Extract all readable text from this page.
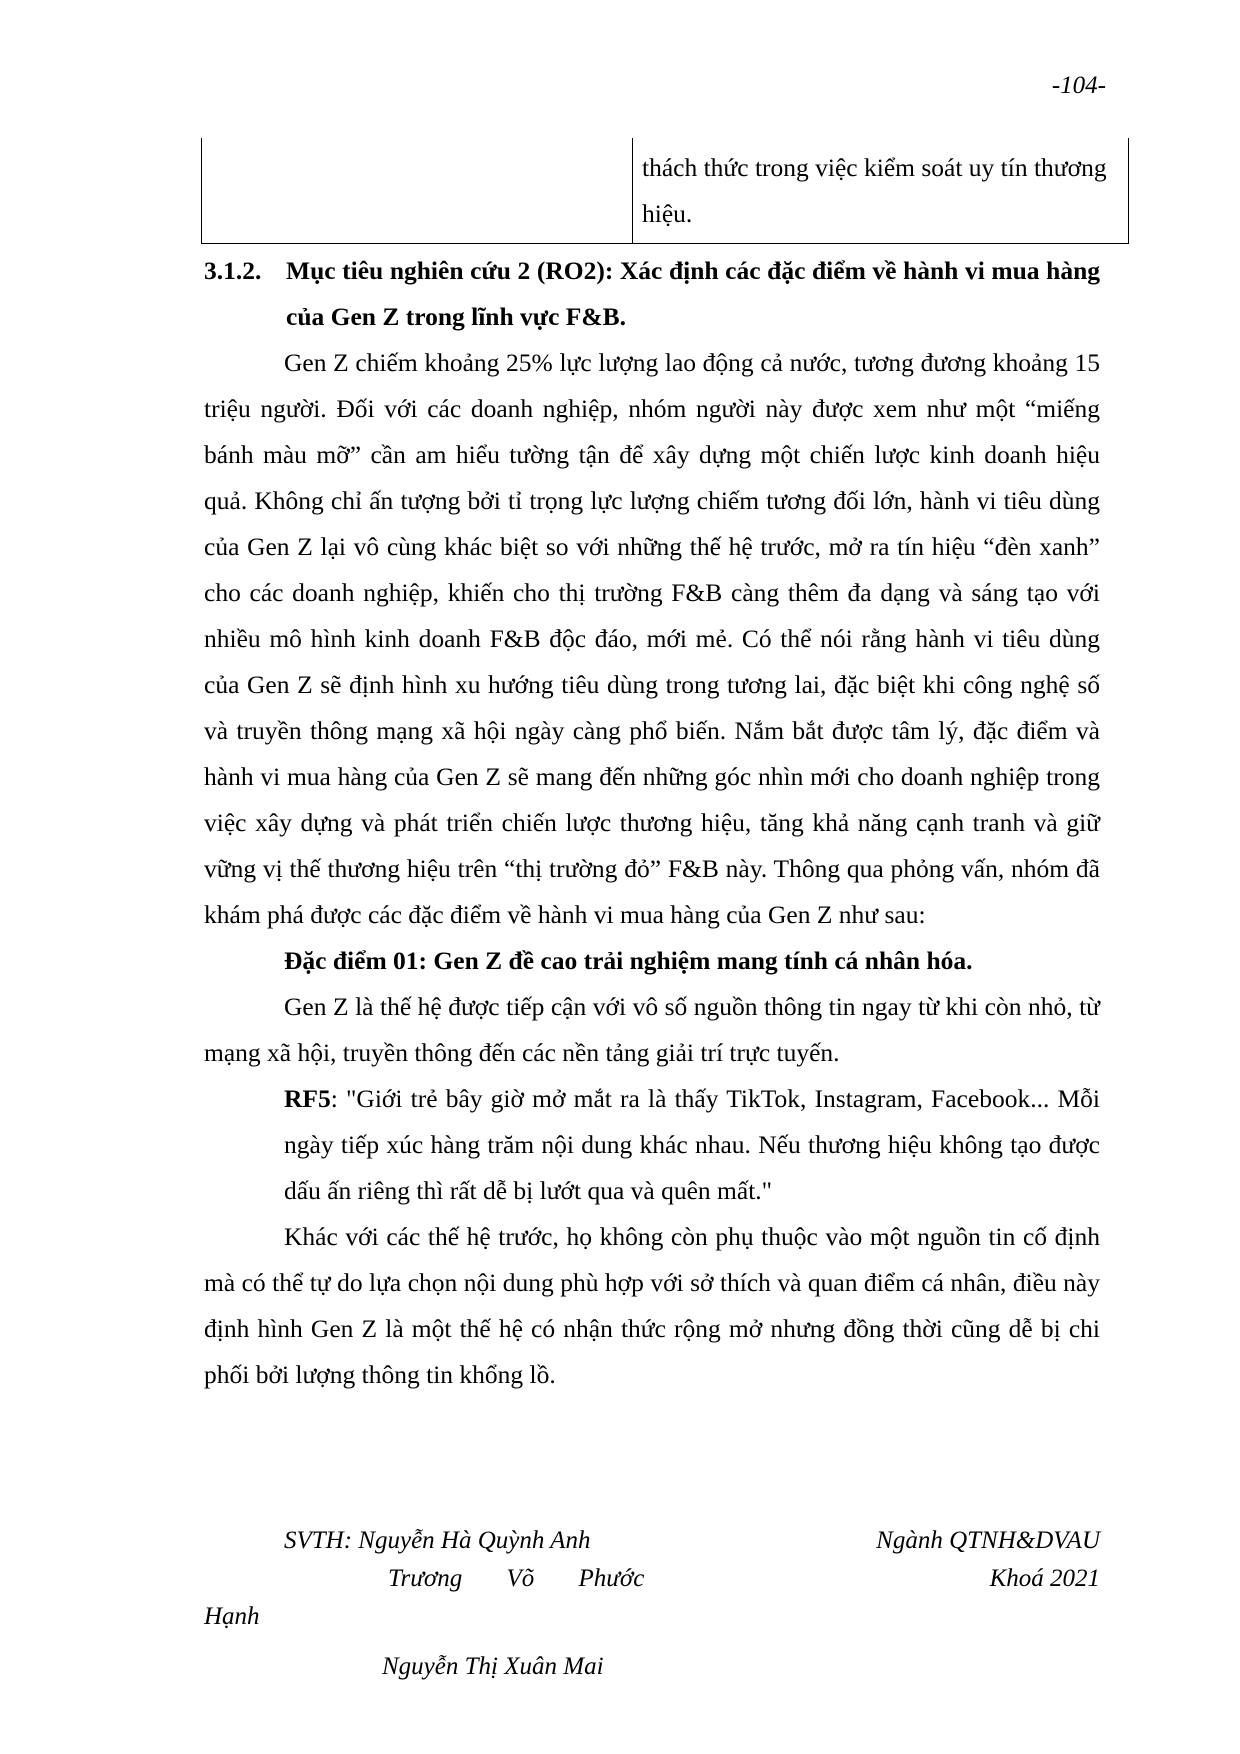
-104-
	thách thức trong việc kiểm soát uy tín thương hiệu.
3.1.2. Mục tiêu nghiên cứu 2 (RO2): Xác định các đặc điểm về hành vi mua hàng của Gen Z trong lĩnh vực F&B.

Gen Z chiếm khoảng 25% lực lượng lao động cả nước, tương đương khoảng 15 triệu người. Đối với các doanh nghiệp, nhóm người này được xem như một “miếng bánh màu mỡ” cần am hiểu tường tận để xây dựng một chiến lược kinh doanh hiệu quả. Không chỉ ấn tượng bởi tỉ trọng lực lượng chiếm tương đối lớn, hành vi tiêu dùng của Gen Z lại vô cùng khác biệt so với những thế hệ trước, mở ra tín hiệu “đèn xanh” cho các doanh nghiệp, khiến cho thị trường F&B càng thêm đa dạng và sáng tạo với nhiều mô hình kinh doanh F&B độc đáo, mới mẻ. Có thể nói rằng hành vi tiêu dùng của Gen Z sẽ định hình xu hướng tiêu dùng trong tương lai, đặc biệt khi công nghệ số và truyền thông mạng xã hội ngày càng phổ biến. Nắm bắt được tâm lý, đặc điểm và hành vi mua hàng của Gen Z sẽ mang đến những góc nhìn mới cho doanh nghiệp trong việc xây dựng và phát triển chiến lược thương hiệu, tăng khả năng cạnh tranh và giữ vững vị thế thương hiệu trên “thị trường đỏ” F&B này. Thông qua phỏng vấn, nhóm đã khám phá được các đặc điểm về hành vi mua hàng của Gen Z như sau:

Đặc điểm 01: Gen Z đề cao trải nghiệm mang tính cá nhân hóa.

Gen Z là thế hệ được tiếp cận với vô số nguồn thông tin ngay từ khi còn nhỏ, từ mạng xã hội, truyền thông đến các nền tảng giải trí trực tuyến.

RF5: "Giới trẻ bây giờ mở mắt ra là thấy TikTok, Instagram, Facebook... Mỗi ngày tiếp xúc hàng trăm nội dung khác nhau. Nếu thương hiệu không tạo được dấu ấn riêng thì rất dễ bị lướt qua và quên mất."

Khác với các thế hệ trước, họ không còn phụ thuộc vào một nguồn tin cố định mà có thể tự do lựa chọn nội dung phù hợp với sở thích và quan điểm cá nhân, điều này định hình Gen Z là một thế hệ có nhận thức rộng mở nhưng đồng thời cũng dễ bị chi phối bởi lượng thông tin khổng lồ.

SVTH: Nguyễn Hà Quỳnh Anh
Trương Võ Phước
Hạnh
Nguyễn Thị Xuân Mai
Ngành QTNH&DVAU
Khoá 2021
